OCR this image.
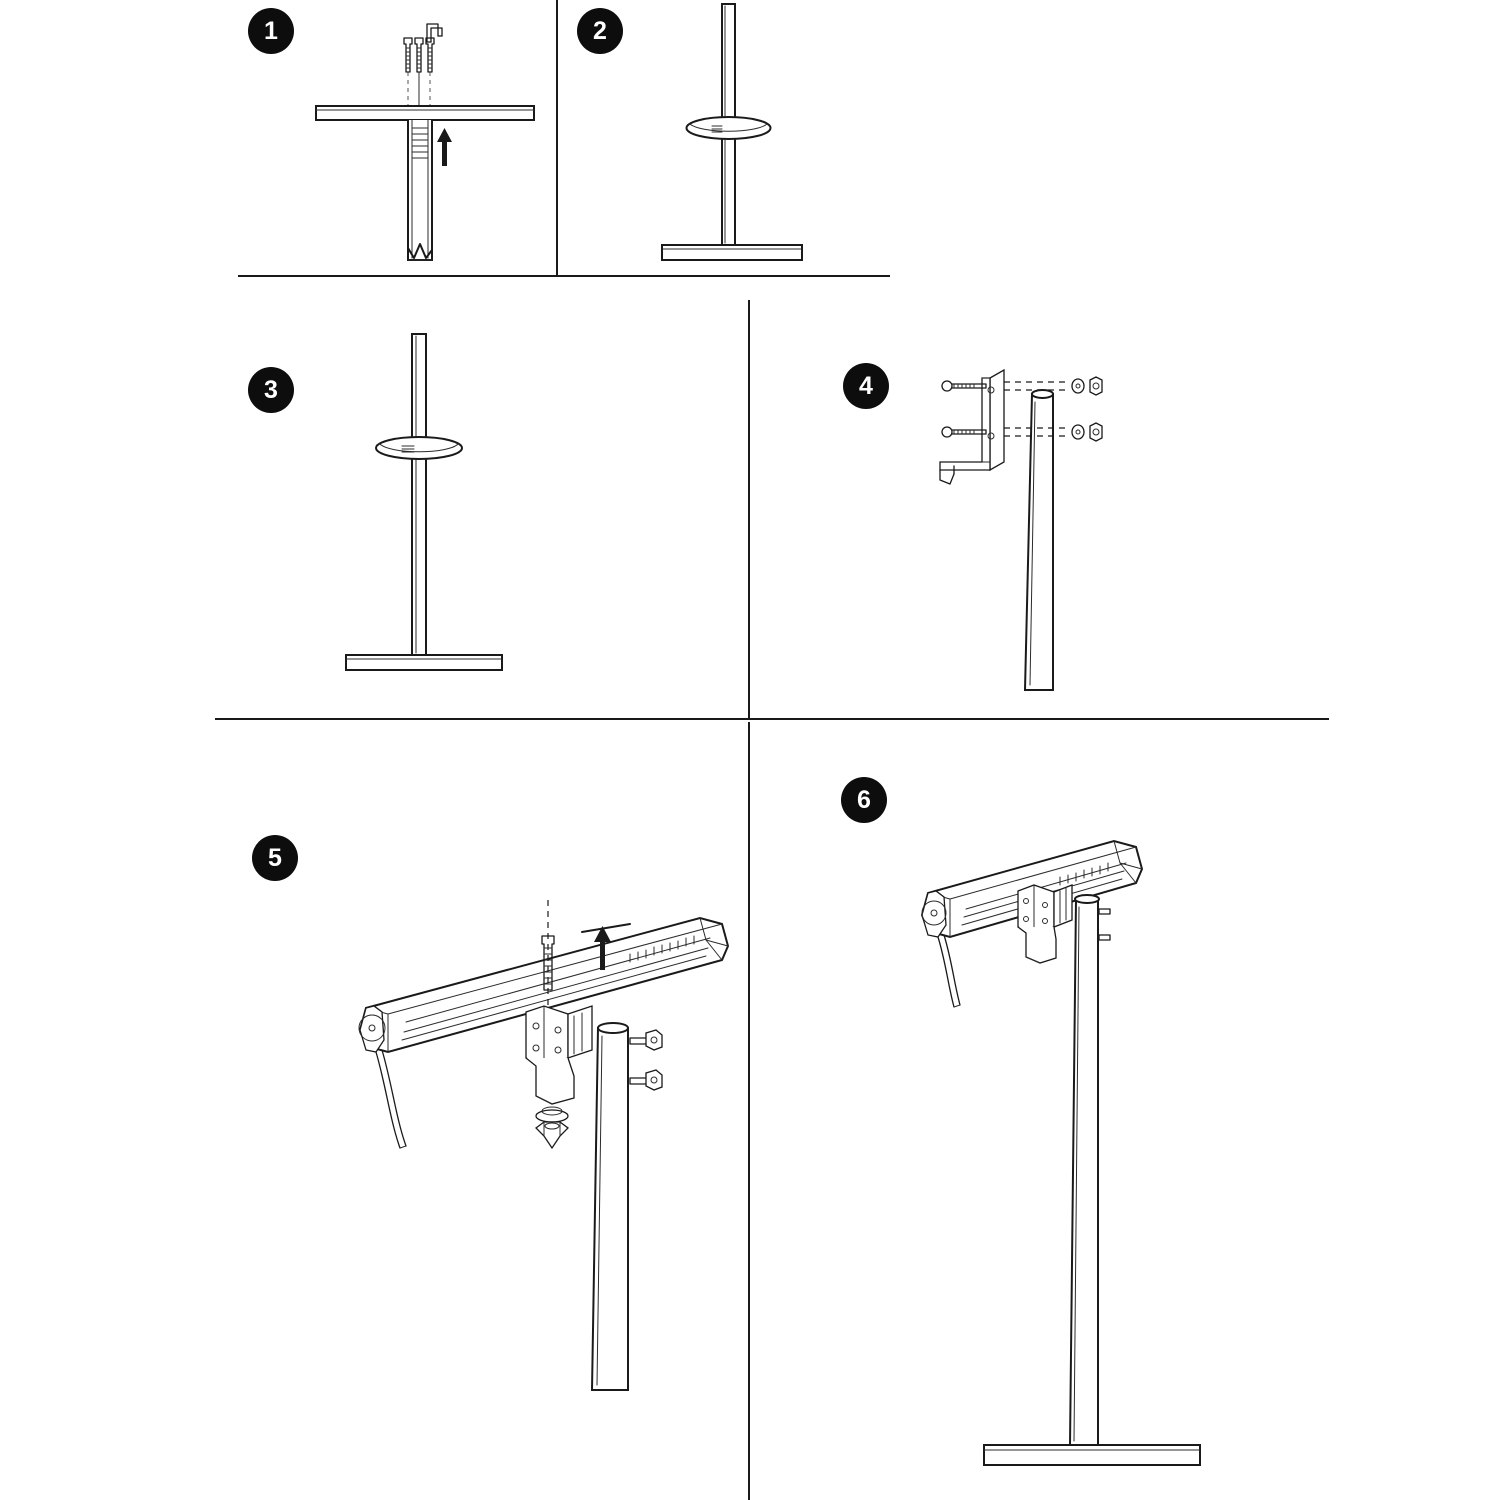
1	2
3	4
5
6
